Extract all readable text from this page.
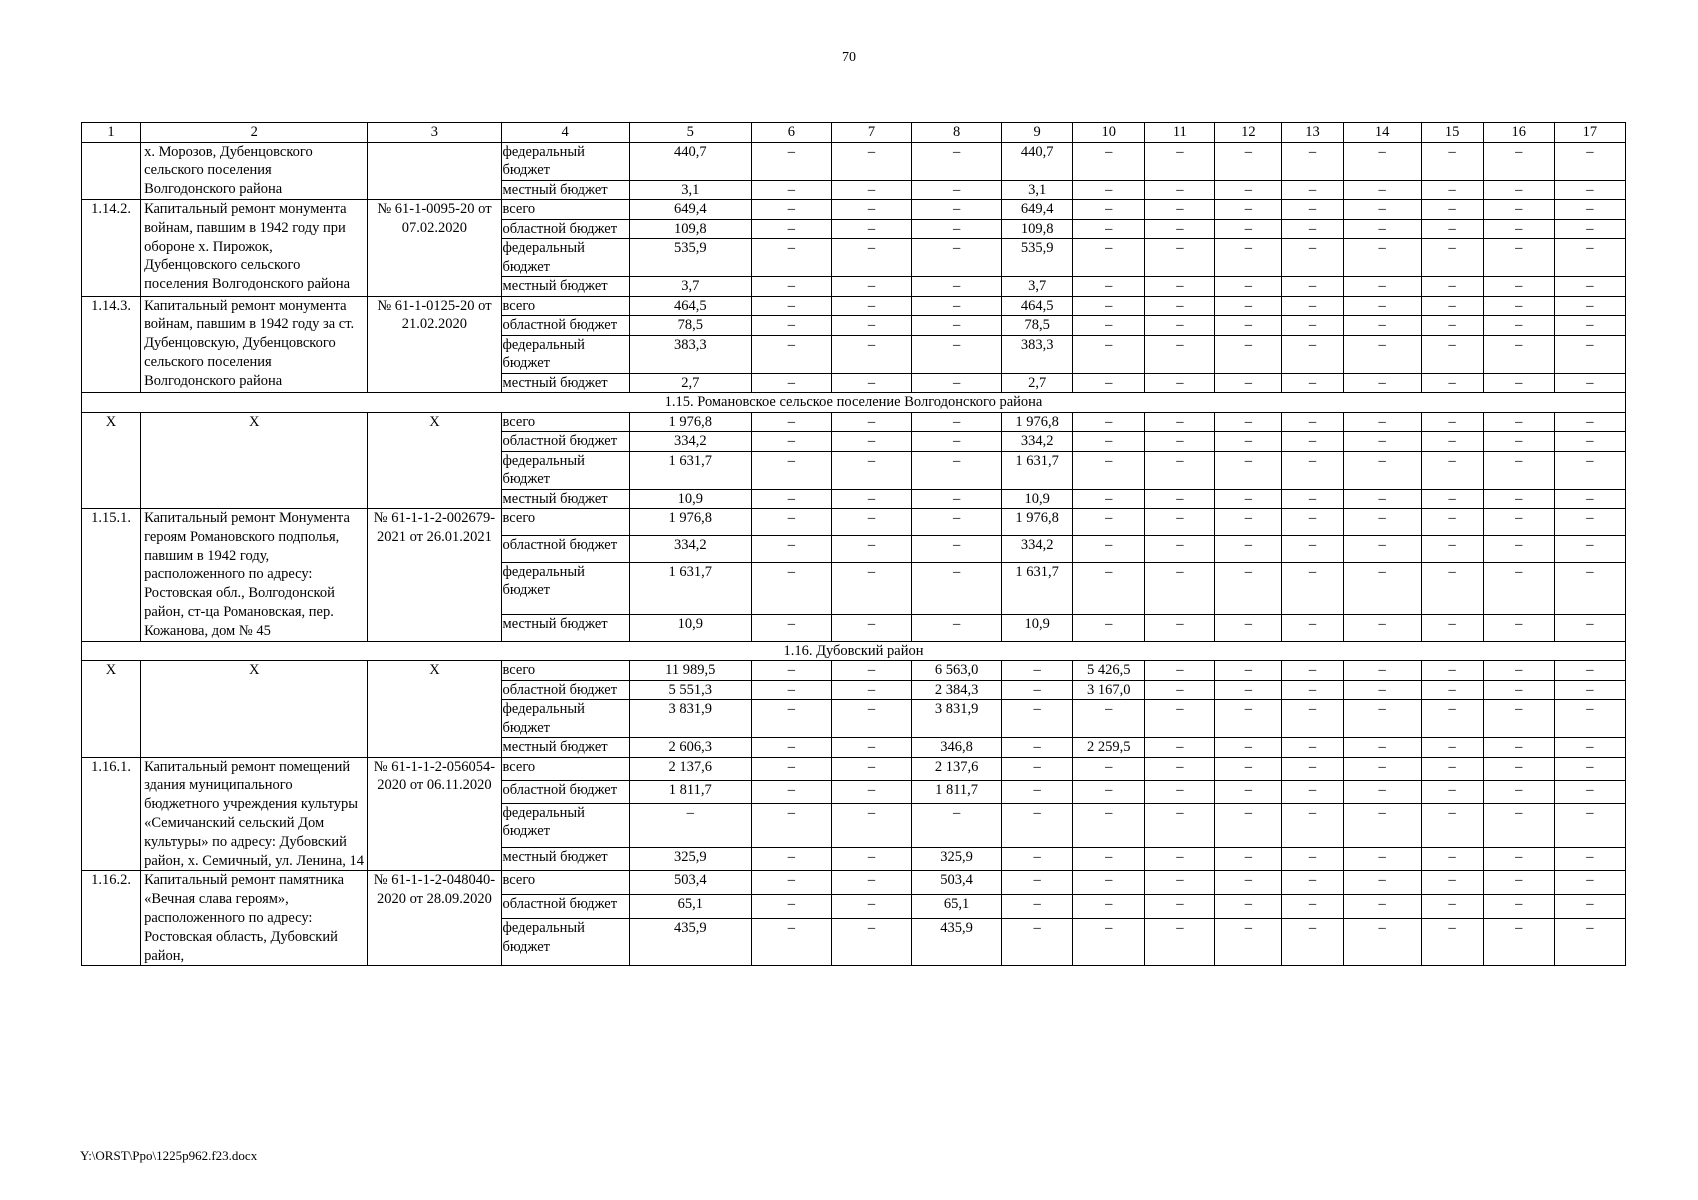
70
1	2	3	4	5	6	7	8	9	10	11	12	13	14	15	16	17
	х. Морозов, Дубенцовского сельского поселения Волгодонского района		федеральный бюджет	440,7	–	–	–	440,7	–	–	–	–	–	–	–	–
			местный бюджет	3,1	–	–	–	3,1	–	–	–	–	–	–	–	–
1.14.2.	Капитальный ремонт монумента войнам, павшим в 1942 году при обороне х. Пирожок, Дубенцовского сельского поселения Волгодонского района	№ 61-1-0095-20 от 07.02.2020	всего	649,4	–	–	–	649,4	–	–	–	–	–	–	–	–
			областной бюджет	109,8	–	–	–	109,8	–	–	–	–	–	–	–	–
			федеральный бюджет	535,9	–	–	–	535,9	–	–	–	–	–	–	–	–
			местный бюджет	3,7	–	–	–	3,7	–	–	–	–	–	–	–	–
1.14.3.	Капитальный ремонт монумента войнам, павшим в 1942 году за ст. Дубенцовскую, Дубенцовского сельского поселения Волгодонского района	№ 61-1-0125-20 от 21.02.2020	всего	464,5	–	–	–	464,5	–	–	–	–	–	–	–	–
			областной бюджет	78,5	–	–	–	78,5	–	–	–	–	–	–	–	–
			федеральный бюджет	383,3	–	–	–	383,3	–	–	–	–	–	–	–	–
			местный бюджет	2,7	–	–	–	2,7	–	–	–	–	–	–	–	–
1.15. Романовское сельское поселение Волгодонского района																
Х	Х	Х	всего	1 976,8	–	–	–	1 976,8	–	–	–	–	–	–	–	–
			областной бюджет	334,2	–	–	–	334,2	–	–	–	–	–	–	–	–
			федеральный бюджет	1 631,7	–	–	–	1 631,7	–	–	–	–	–	–	–	–
			местный бюджет	10,9	–	–	–	10,9	–	–	–	–	–	–	–	–
1.15.1.	Капитальный ремонт Монумента героям Романовского подполья, павшим в 1942 году, расположенного по адресу: Ростовская обл., Волгодонской район, ст-ца Романовская, пер. Кожанова, дом № 45	№ 61-1-1-2-002679-2021 от 26.01.2021	всего	1 976,8	–	–	–	1 976,8	–	–	–	–	–	–	–	–
			областной бюджет	334,2	–	–	–	334,2	–	–	–	–	–	–	–	–
			федеральный бюджет	1 631,7	–	–	–	1 631,7	–	–	–	–	–	–	–	–
			местный бюджет	10,9	–	–	–	10,9	–	–	–	–	–	–	–	–
1.16. Дубовский район																
Х	Х	Х	всего	11 989,5	–	–	6 563,0	–	5 426,5	–	–	–	–	–	–	–
			областной бюджет	5 551,3	–	–	2 384,3	–	3 167,0	–	–	–	–	–	–	–
			федеральный бюджет	3 831,9	–	–	3 831,9	–	–	–	–	–	–	–	–	–
			местный бюджет	2 606,3	–	–	346,8	–	2 259,5	–	–	–	–	–	–	–
1.16.1.	Капитальный ремонт помещений здания муниципального бюджетного учреждения культуры «Семичанский сельский Дом культуры» по адресу: Дубовский район, х. Семичный, ул. Ленина, 14	№ 61-1-1-2-056054-2020 от 06.11.2020	всего	2 137,6	–	–	2 137,6	–	–	–	–	–	–	–	–	–
			областной бюджет	1 811,7	–	–	1 811,7	–	–	–	–	–	–	–	–	–
			федеральный бюджет	–	–	–	–	–	–	–	–	–	–	–	–	–
			местный бюджет	325,9	–	–	325,9	–	–	–	–	–	–	–	–	–
1.16.2.	Капитальный ремонт памятника «Вечная слава героям», расположенного по адресу: Ростовская область, Дубовский район,	№ 61-1-1-2-048040-2020 от 28.09.2020	всего	503,4	–	–	503,4	–	–	–	–	–	–	–	–	–
			областной бюджет	65,1	–	–	65,1	–	–	–	–	–	–	–	–	–
			федеральный бюджет	435,9	–	–	435,9	–	–	–	–	–	–	–	–	–
Y:\ORST\Ppo\1225p962.f23.docx
